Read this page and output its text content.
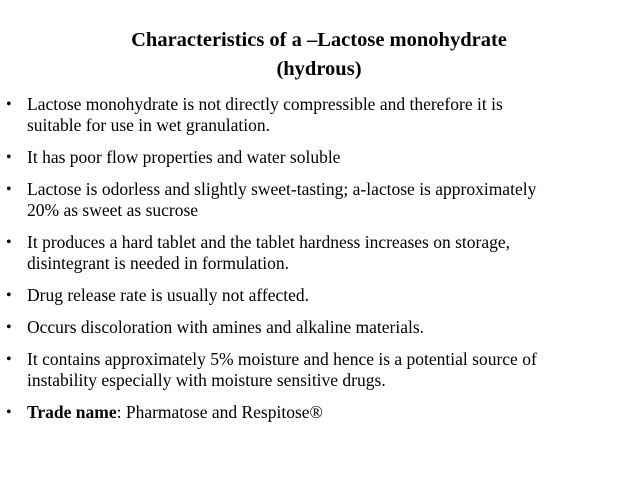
Characteristics of a –Lactose monohydrate
(hydrous)
• Lactose monohydrate is not directly compressible and therefore it is
suitable for use in wet granulation.
• It has poor flow properties and water soluble
• Lactose is odorless and slightly sweet-tasting; a-lactose is approximately
20% as sweet as sucrose
• It produces a hard tablet and the tablet hardness increases on storage,
disintegrant is needed in formulation.
• Drug release rate is usually not affected.
• Occurs discoloration with amines and alkaline materials.
• It contains approximately 5% moisture and hence is a potential source of
instability especially with moisture sensitive drugs.
• Trade name: Pharmatose and Respitose®
